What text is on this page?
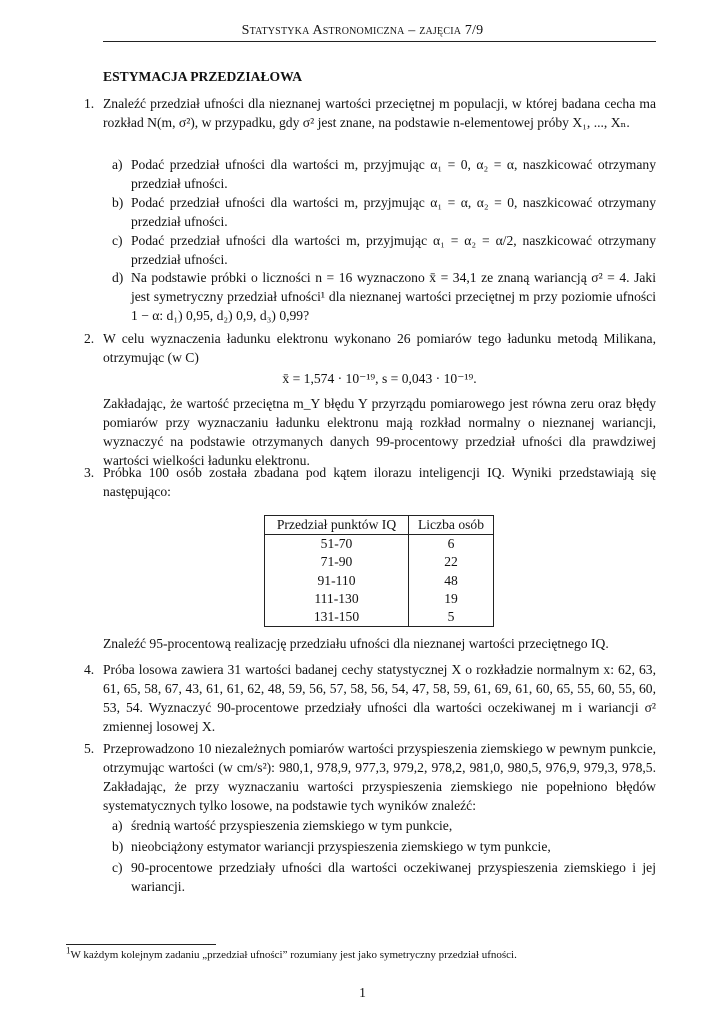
Statystyka Astronomiczna – zajęcia 7/9
ESTYMACJA PRZEDZIAŁOWA
1. Znaleźć przedział ufności dla nieznanej wartości przeciętnej m populacji, w której badana cecha ma rozkład N(m, σ²), w przypadku, gdy σ² jest znane, na podstawie n-elementowej próby X₁, ..., Xₙ.
a) Podać przedział ufności dla wartości m, przyjmując α₁ = 0, α₂ = α, naszkicować otrzymany przedział ufności.
b) Podać przedział ufności dla wartości m, przyjmując α₁ = α, α₂ = 0, naszkicować otrzymany przedział ufności.
c) Podać przedział ufności dla wartości m, przyjmując α₁ = α₂ = α/2, naszkicować otrzymany przedział ufności.
d) Na podstawie próbki o liczności n = 16 wyznaczono x̄ = 34,1 ze znaną wariancją σ² = 4. Jaki jest symetryczny przedział ufności¹ dla nieznanej wartości przeciętnej m przy poziomie ufności 1 − α: d₁) 0,95, d₂) 0,9, d₃) 0,99?
2. W celu wyznaczenia ładunku elektronu wykonano 26 pomiarów tego ładunku metodą Milikana, otrzymując (w C)
x̄ = 1,574 · 10⁻¹⁹, s = 0,043 · 10⁻¹⁹.
Zakładając, że wartość przeciętna m_Y błędu Y przyrządu pomiarowego jest równa zeru oraz błędy pomiarów przy wyznaczaniu ładunku elektronu mają rozkład normalny o nieznanej wariancji, wyznaczyć na podstawie otrzymanych danych 99-procentowy przedział ufności dla prawdziwej wartości wielkości ładunku elektronu.
3. Próbka 100 osób została zbadana pod kątem ilorazu inteligencji IQ. Wyniki przedstawiają się następująco:
Przedział punktów IQ	Liczba osób
51-70	6
71-90	22
91-110	48
111-130	19
131-150	5
Znaleźć 95-procentową realizację przedziału ufności dla nieznanej wartości przeciętnego IQ.
4. Próba losowa zawiera 31 wartości badanej cechy statystycznej X o rozkładzie normalnym x: 62, 63, 61, 65, 58, 67, 43, 61, 61, 62, 48, 59, 56, 57, 58, 56, 54, 47, 58, 59, 61, 69, 61, 60, 65, 55, 60, 55, 60, 53, 54. Wyznaczyć 90-procentowe przedziały ufności dla wartości oczekiwanej m i wariancji σ² zmiennej losowej X.
5. Przeprowadzono 10 niezależnych pomiarów wartości przyspieszenia ziemskiego w pewnym punkcie, otrzymując wartości (w cm/s²): 980,1, 978,9, 977,3, 979,2, 978,2, 981,0, 980,5, 976,9, 979,3, 978,5. Zakładając, że przy wyznaczaniu wartości przyspieszenia ziemskiego nie popełniono błędów systematycznych tylko losowe, na podstawie tych wyników znaleźć:
a) średnią wartość przyspieszenia ziemskiego w tym punkcie,
b) nieobciążony estymator wariancji przyspieszenia ziemskiego w tym punkcie,
c) 90-procentowe przedziały ufności dla wartości oczekiwanej przyspieszenia ziemskiego i jej wariancji.
$^1$W każdym kolejnym zadaniu „przedział ufności” rozumiany jest jako symetryczny przedział ufności.
1
